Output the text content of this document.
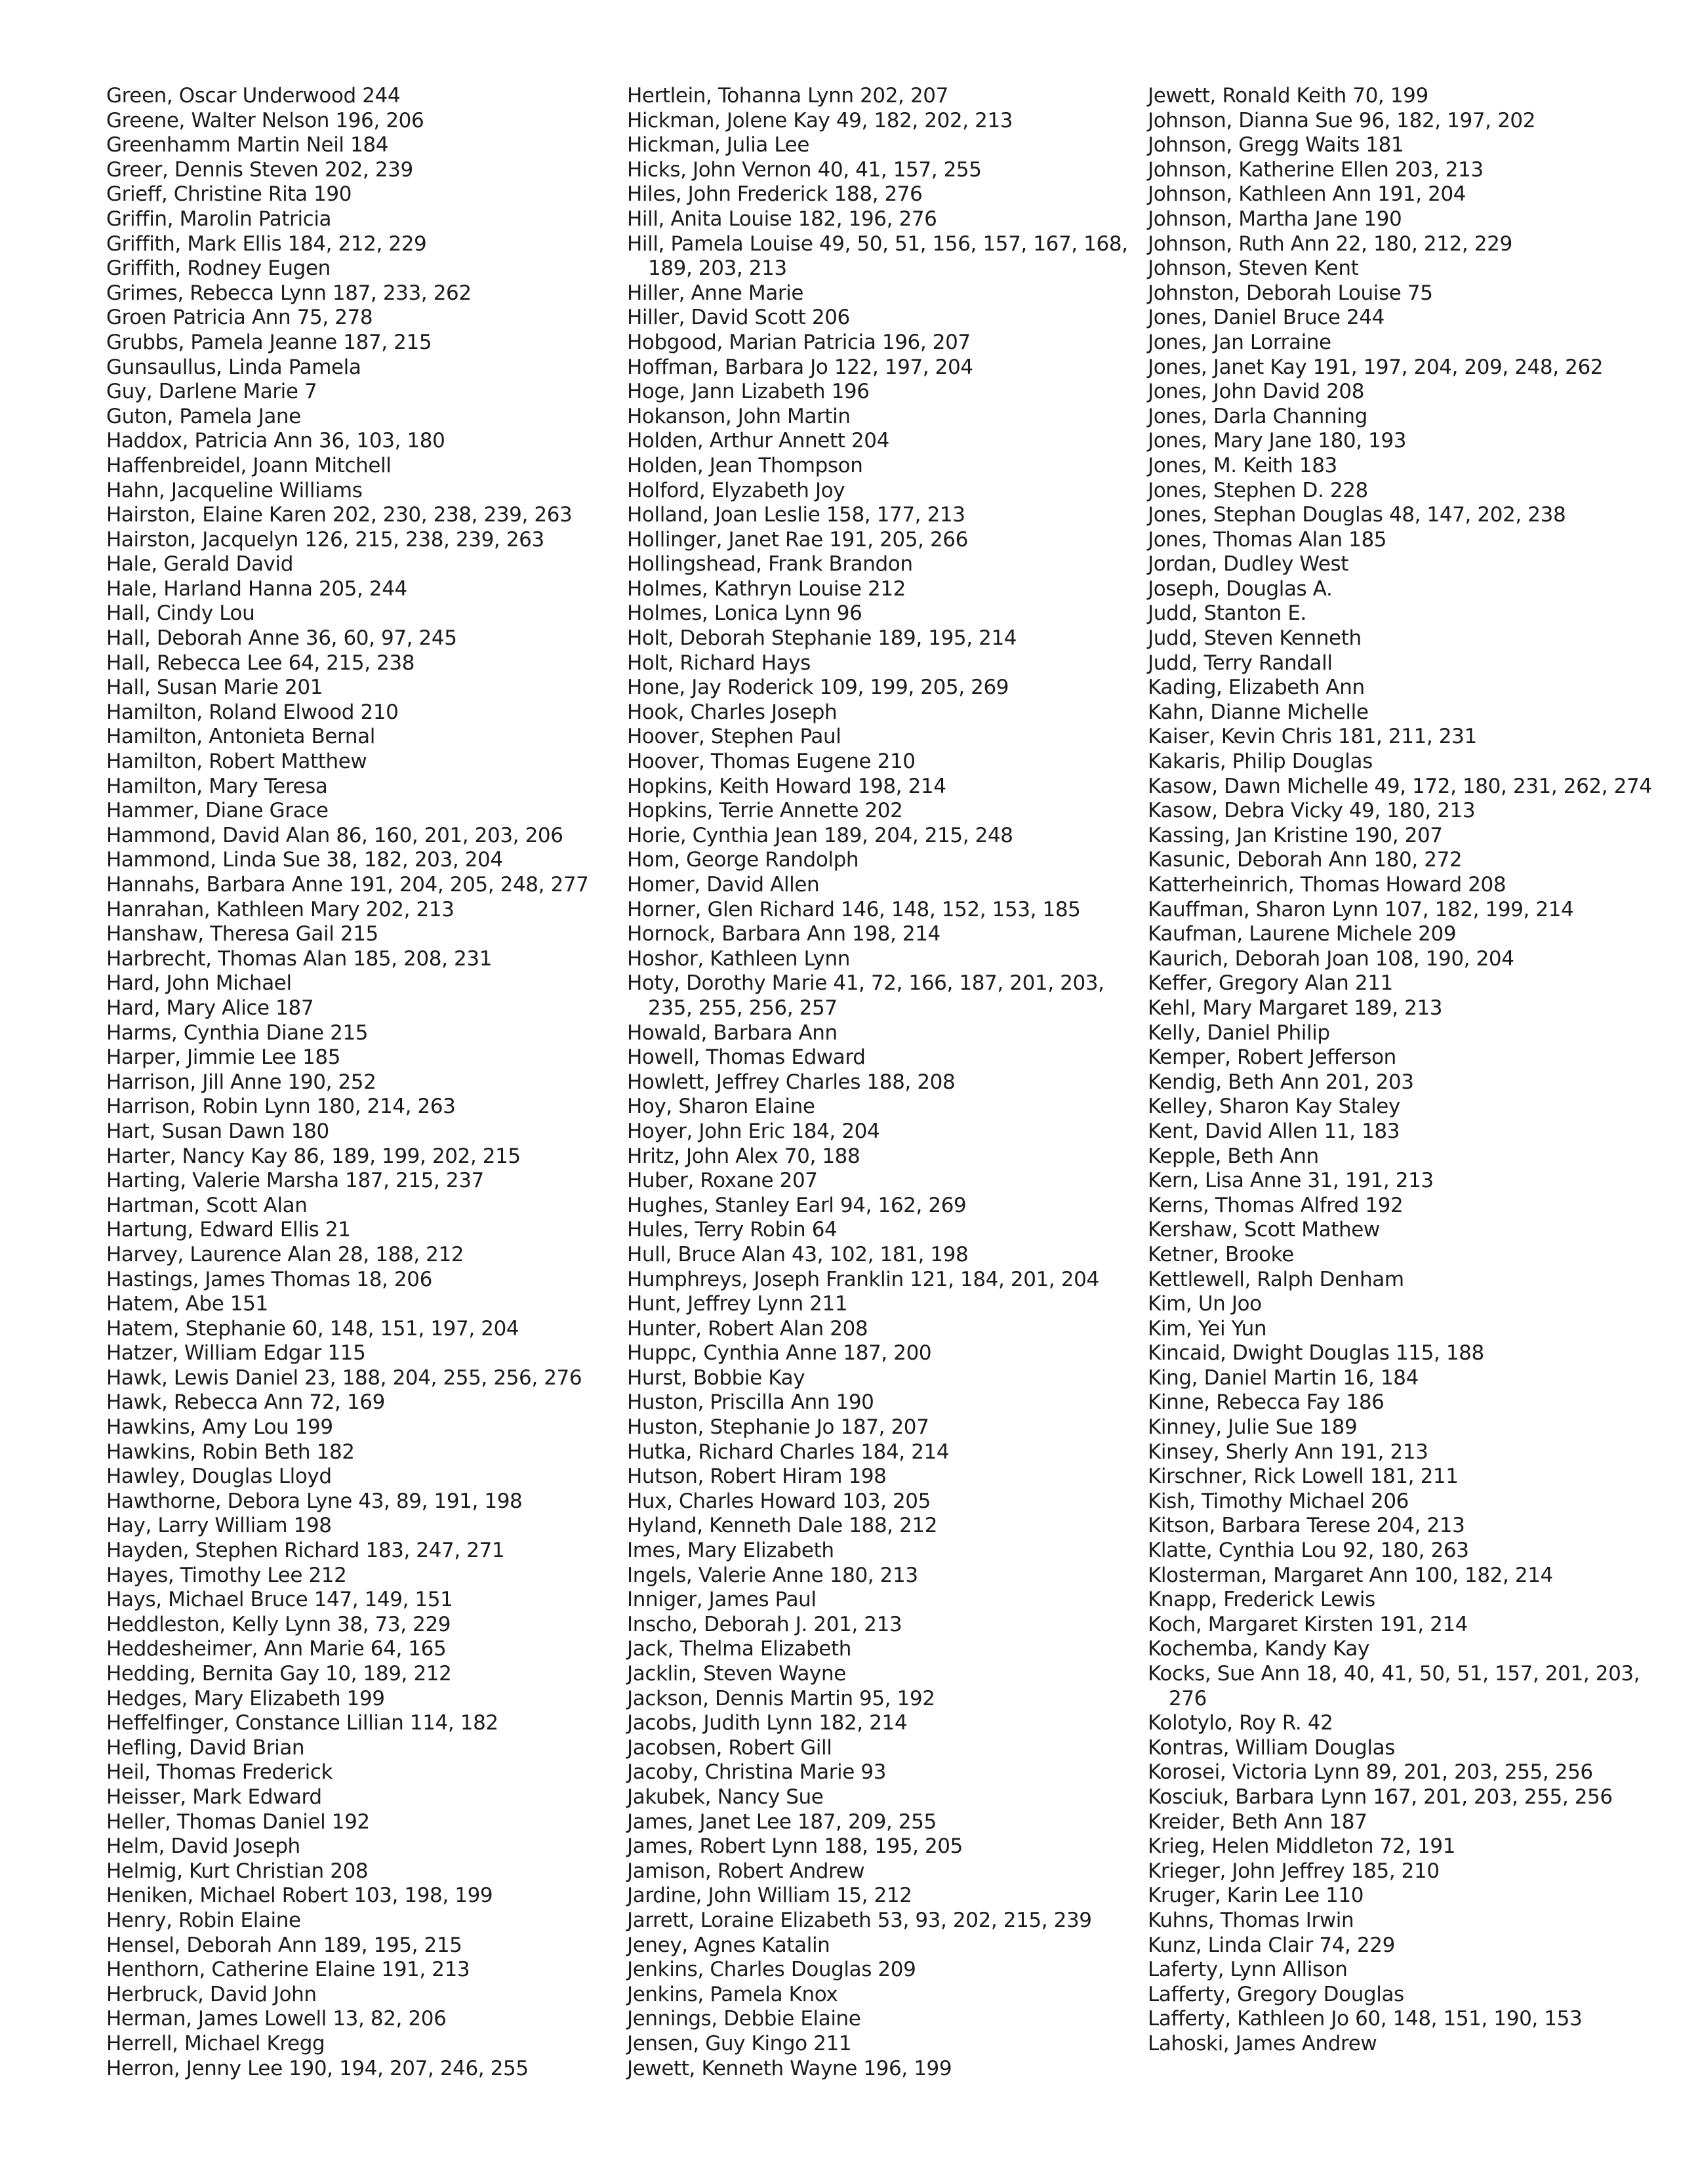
Green, Oscar Underwood 244
Greene, Walter Nelson 196, 206
Greenhamm Martin Neil 184
Greer, Dennis Steven 202, 239
Grieff, Christine Rita 190
Griffin, Marolin Patricia
Griffith, Mark Ellis 184, 212, 229
Griffith, Rodney Eugen
Grimes, Rebecca Lynn 187, 233, 262
Groen Patricia Ann 75, 278
Grubbs, Pamela Jeanne 187, 215
Gunsaullus, Linda Pamela
Guy, Darlene Marie 7
Guton, Pamela Jane
Haddox, Patricia Ann 36, 103, 180
Haffenbreidel, Joann Mitchell
Hahn, Jacqueline Williams
Hairston, Elaine Karen 202, 230, 238, 239, 263
Hairston, Jacquelyn 126, 215, 238, 239, 263
Hale, Gerald David
Hale, Harland Hanna 205, 244
Hall, Cindy Lou
Hall, Deborah Anne 36, 60, 97, 245
Hall, Rebecca Lee 64, 215, 238
Hall, Susan Marie 201
Hamilton, Roland Elwood 210
Hamilton, Antonieta Bernal
Hamilton, Robert Matthew
Hamilton, Mary Teresa
Hammer, Diane Grace
Hammond, David Alan 86, 160, 201, 203, 206
Hammond, Linda Sue 38, 182, 203, 204
Hannahs, Barbara Anne 191, 204, 205, 248, 277
Hanrahan, Kathleen Mary 202, 213
Hanshaw, Theresa Gail 215
Harbrecht, Thomas Alan 185, 208, 231
Hard, John Michael
Hard, Mary Alice 187
Harms, Cynthia Diane 215
Harper, Jimmie Lee 185
Harrison, Jill Anne 190, 252
Harrison, Robin Lynn 180, 214, 263
Hart, Susan Dawn 180
Harter, Nancy Kay 86, 189, 199, 202, 215
Harting, Valerie Marsha 187, 215, 237
Hartman, Scott Alan
Hartung, Edward Ellis 21
Harvey, Laurence Alan 28, 188, 212
Hastings, James Thomas 18, 206
Hatem, Abe 151
Hatem, Stephanie 60, 148, 151, 197, 204
Hatzer, William Edgar 115
Hawk, Lewis Daniel 23, 188, 204, 255, 256, 276
Hawk, Rebecca Ann 72, 169
Hawkins, Amy Lou 199
Hawkins, Robin Beth 182
Hawley, Douglas Lloyd
Hawthorne, Debora Lyne 43, 89, 191, 198
Hay, Larry William 198
Hayden, Stephen Richard 183, 247, 271
Hayes, Timothy Lee 212
Hays, Michael Bruce 147, 149, 151
Heddleston, Kelly Lynn 38, 73, 229
Heddesheimer, Ann Marie 64, 165
Hedding, Bernita Gay 10, 189, 212
Hedges, Mary Elizabeth 199
Heffelfinger, Constance Lillian 114, 182
Hefling, David Brian
Heil, Thomas Frederick
Heisser, Mark Edward
Heller, Thomas Daniel 192
Helm, David Joseph
Helmig, Kurt Christian 208
Heniken, Michael Robert 103, 198, 199
Henry, Robin Elaine
Hensel, Deborah Ann 189, 195, 215
Henthorn, Catherine Elaine 191, 213
Herbruck, David John
Herman, James Lowell 13, 82, 206
Herrell, Michael Kregg
Herron, Jenny Lee 190, 194, 207, 246, 255
Hertlein, Tohanna Lynn 202, 207
Hickman, Jolene Kay 49, 182, 202, 213
Hickman, Julia Lee
Hicks, John Vernon 40, 41, 157, 255
Hiles, John Frederick 188, 276
Hill, Anita Louise 182, 196, 276
Hill, Pamela Louise 49, 50, 51, 156, 157, 167, 168, 189, 203, 213
Hiller, Anne Marie
Hiller, David Scott 206
Hobgood, Marian Patricia 196, 207
Hoffman, Barbara Jo 122, 197, 204
Hoge, Jann Lizabeth 196
Hokanson, John Martin
Holden, Arthur Annett 204
Holden, Jean Thompson
Holford, Elyzabeth Joy
Holland, Joan Leslie 158, 177, 213
Hollinger, Janet Rae 191, 205, 266
Hollingshead, Frank Brandon
Holmes, Kathryn Louise 212
Holmes, Lonica Lynn 96
Holt, Deborah Stephanie 189, 195, 214
Holt, Richard Hays
Hone, Jay Roderick 109, 199, 205, 269
Hook, Charles Joseph
Hoover, Stephen Paul
Hoover, Thomas Eugene 210
Hopkins, Keith Howard 198, 214
Hopkins, Terrie Annette 202
Horie, Cynthia Jean 189, 204, 215, 248
Hom, George Randolph
Homer, David Allen
Horner, Glen Richard 146, 148, 152, 153, 185
Hornock, Barbara Ann 198, 214
Hoshor, Kathleen Lynn
Hoty, Dorothy Marie 41, 72, 166, 187, 201, 203, 235, 255, 256, 257
Howald, Barbara Ann
Howell, Thomas Edward
Howlett, Jeffrey Charles 188, 208
Hoy, Sharon Elaine
Hoyer, John Eric 184, 204
Hritz, John Alex 70, 188
Huber, Roxane 207
Hughes, Stanley Earl 94, 162, 269
Hules, Terry Robin 64
Hull, Bruce Alan 43, 102, 181, 198
Humphreys, Joseph Franklin 121, 184, 201, 204
Hunt, Jeffrey Lynn 211
Hunter, Robert Alan 208
Huppc, Cynthia Anne 187, 200
Hurst, Bobbie Kay
Huston, Priscilla Ann 190
Huston, Stephanie Jo 187, 207
Hutka, Richard Charles 184, 214
Hutson, Robert Hiram 198
Hux, Charles Howard 103, 205
Hyland, Kenneth Dale 188, 212
Imes, Mary Elizabeth
Ingels, Valerie Anne 180, 213
Inniger, James Paul
Inscho, Deborah J. 201, 213
Jack, Thelma Elizabeth
Jacklin, Steven Wayne
Jackson, Dennis Martin 95, 192
Jacobs, Judith Lynn 182, 214
Jacobsen, Robert Gill
Jacoby, Christina Marie 93
Jakubek, Nancy Sue
James, Janet Lee 187, 209, 255
James, Robert Lynn 188, 195, 205
Jamison, Robert Andrew
Jardine, John William 15, 212
Jarrett, Loraine Elizabeth 53, 93, 202, 215, 239
Jeney, Agnes Katalin
Jenkins, Charles Douglas 209
Jenkins, Pamela Knox
Jennings, Debbie Elaine
Jensen, Guy Kingo 211
Jewett, Kenneth Wayne 196, 199
Jewett, Ronald Keith 70, 199
Johnson, Dianna Sue 96, 182, 197, 202
Johnson, Gregg Waits 181
Johnson, Katherine Ellen 203, 213
Johnson, Kathleen Ann 191, 204
Johnson, Martha Jane 190
Johnson, Ruth Ann 22, 180, 212, 229
Johnson, Steven Kent
Johnston, Deborah Louise 75
Jones, Daniel Bruce 244
Jones, Jan Lorraine
Jones, Janet Kay 191, 197, 204, 209, 248, 262
Jones, John David 208
Jones, Darla Channing
Jones, Mary Jane 180, 193
Jones, M. Keith 183
Jones, Stephen D. 228
Jones, Stephan Douglas 48, 147, 202, 238
Jones, Thomas Alan 185
Jordan, Dudley West
Joseph, Douglas A.
Judd, Stanton E.
Judd, Steven Kenneth
Judd, Terry Randall
Kading, Elizabeth Ann
Kahn, Dianne Michelle
Kaiser, Kevin Chris 181, 211, 231
Kakaris, Philip Douglas
Kasow, Dawn Michelle 49, 172, 180, 231, 262, 274
Kasow, Debra Vicky 49, 180, 213
Kassing, Jan Kristine 190, 207
Kasunic, Deborah Ann 180, 272
Katterheinrich, Thomas Howard 208
Kauffman, Sharon Lynn 107, 182, 199, 214
Kaufman, Laurene Michele 209
Kaurich, Deborah Joan 108, 190, 204
Keffer, Gregory Alan 211
Kehl, Mary Margaret 189, 213
Kelly, Daniel Philip
Kemper, Robert Jefferson
Kendig, Beth Ann 201, 203
Kelley, Sharon Kay Staley
Kent, David Allen 11, 183
Kepple, Beth Ann
Kern, Lisa Anne 31, 191, 213
Kerns, Thomas Alfred 192
Kershaw, Scott Mathew
Ketner, Brooke
Kettlewell, Ralph Denham
Kim, Un Joo
Kim, Yei Yun
Kincaid, Dwight Douglas 115, 188
King, Daniel Martin 16, 184
Kinne, Rebecca Fay 186
Kinney, Julie Sue 189
Kinsey, Sherly Ann 191, 213
Kirschner, Rick Lowell 181, 211
Kish, Timothy Michael 206
Kitson, Barbara Terese 204, 213
Klatte, Cynthia Lou 92, 180, 263
Klosterman, Margaret Ann 100, 182, 214
Knapp, Frederick Lewis
Koch, Margaret Kirsten 191, 214
Kochemba, Kandy Kay
Kocks, Sue Ann 18, 40, 41, 50, 51, 157, 201, 203, 276
Kolotylo, Roy R. 42
Kontras, William Douglas
Korosei, Victoria Lynn 89, 201, 203, 255, 256
Kosciuk, Barbara Lynn 167, 201, 203, 255, 256
Kreider, Beth Ann 187
Krieg, Helen Middleton 72, 191
Krieger, John Jeffrey 185, 210
Kruger, Karin Lee 110
Kuhns, Thomas Irwin
Kunz, Linda Clair 74, 229
Laferty, Lynn Allison
Lafferty, Gregory Douglas
Lafferty, Kathleen Jo 60, 148, 151, 190, 153
Lahoski, James Andrew
